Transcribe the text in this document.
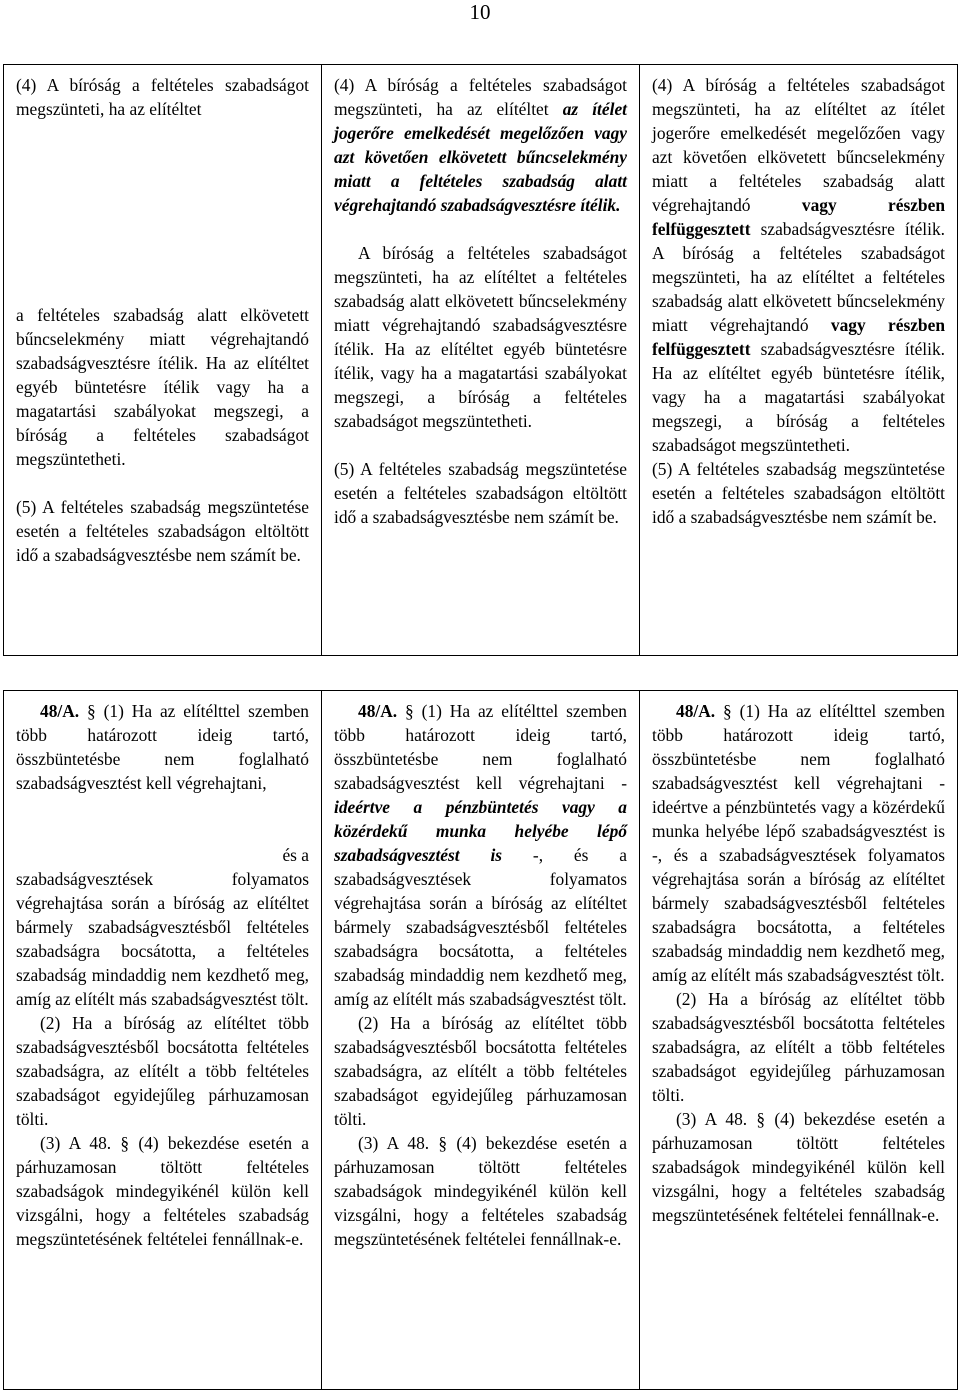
10

(4) A bíróság a feltételes szabadságot megszünteti, ha az elítéltet

a feltételes szabadság alatt elkövetett bűncselekmény miatt végrehajtandó szabadságvesztésre ítélik. Ha az elítéltet egyéb büntetésre ítélik vagy ha a magatartási szabályokat megszegi, a bíróság a feltételes szabadságot megszüntetheti.

(5) A feltételes szabadság megszüntetése esetén a feltételes szabadságon eltöltött idő a szabadságvesztésbe nem számít be.

(4) A bíróság a feltételes szabadságot megszünteti, ha az elítéltet az ítélet jogerőre emelkedését megelőzően vagy azt követően elkövetett bűncselekmény miatt a feltételes szabadság alatt végrehajtandó szabadságvesztésre ítélik.

A bíróság a feltételes szabadságot megszünteti, ha az elítéltet a feltételes szabadság alatt elkövetett bűncselekmény miatt végrehajtandó szabadságvesztésre ítélik. Ha az elítéltet egyéb büntetésre ítélik, vagy ha a magatartási szabályokat megszegi, a bíróság a feltételes szabadságot megszüntetheti.

(5) A feltételes szabadság megszüntetése esetén a feltételes szabadságon eltöltött idő a szabadságvesztésbe nem számít be.

(4) A bíróság a feltételes szabadságot megszünteti, ha az elítéltet az ítélet jogerőre emelkedését megelőzően vagy azt követően elkövetett bűncselekmény miatt a feltételes szabadság alatt végrehajtandó	vagy részben felfüggesztett szabadságvesztésre ítélik. A bíróság a feltételes szabadságot megszünteti, ha az elítéltet a feltételes szabadság alatt elkövetett bűncselekmény miatt végrehajtandó vagy részben felfüggesztett szabadságvesztésre ítélik. Ha az elítéltet egyéb büntetésre ítélik, vagy ha a magatartási szabályokat megszegi, a bíróság a feltételes szabadságot megszüntetheti.

(5) A feltételes szabadság megszüntetése esetén a feltételes szabadságon eltöltött idő a szabadságvesztésbe nem számít be.

48/A. § (1) Ha az elítélttel szemben több határozott ideig tartó, összbüntetésbe nem foglalható szabadságvesztést kell végrehajtani,

és a

szabadságvesztések folyamatos végrehajtása során a bíróság az elítéltet bármely szabadságvesztésből feltételes szabadságra bocsátotta, a feltételes szabadság mindaddig nem kezdhető meg, amíg az elítélt más szabadságvesztést tölt.

(2) Ha a bíróság az elítéltet több szabadságvesztésből bocsátotta feltételes szabadságra, az elítélt a több feltételes szabadságot egyidejűleg párhuzamosan tölti.

(3) A 48. § (4) bekezdése esetén a párhuzamosan töltött feltételes szabadságok mindegyikénél külön kell vizsgálni, hogy a feltételes szabadság megszüntetésének feltételei fennállnak-e.

48/A. § (1) Ha az elítélttel szemben több határozott ideig tartó, összbüntetésbe nem foglalható szabadságvesztést kell végrehajtani - ideértve a pénzbüntetés vagy a közérdekű munka helyébe lépő szabadságvesztést is -, és a szabadságvesztések folyamatos végrehajtása során a bíróság az elítéltet bármely szabadságvesztésből feltételes szabadságra bocsátotta, a feltételes szabadság mindaddig nem kezdhető meg, amíg az elítélt más szabadságvesztést tölt.

(2) Ha a bíróság az elítéltet több szabadságvesztésből bocsátotta feltételes szabadságra, az elítélt a több feltételes szabadságot egyidejűleg párhuzamosan tölti.

(3) A 48. § (4) bekezdése esetén a párhuzamosan töltött feltételes szabadságok mindegyikénél külön kell vizsgálni, hogy a feltételes szabadság megszüntetésének feltételei fennállnak-e.

48/A. § (1) Ha az elítélttel szemben több határozott ideig tartó, összbüntetésbe nem foglalható szabadságvesztést kell végrehajtani - ideértve a pénzbüntetés vagy a közérdekű munka helyébe lépő szabadságvesztést is -, és a szabadságvesztések folyamatos végrehajtása során a bíróság az elítéltet bármely szabadságvesztésből feltételes szabadságra bocsátotta, a feltételes szabadság mindaddig nem kezdhető meg, amíg az elítélt más szabadságvesztést tölt.

(2) Ha a bíróság az elítéltet több szabadságvesztésből bocsátotta feltételes szabadságra, az elítélt a több feltételes szabadságot egyidejűleg párhuzamosan tölti.

(3) A 48. § (4) bekezdése esetén a párhuzamosan töltött feltételes szabadságok mindegyikénél külön kell vizsgálni, hogy a feltételes szabadság megszüntetésének feltételei fennállnak-e.
